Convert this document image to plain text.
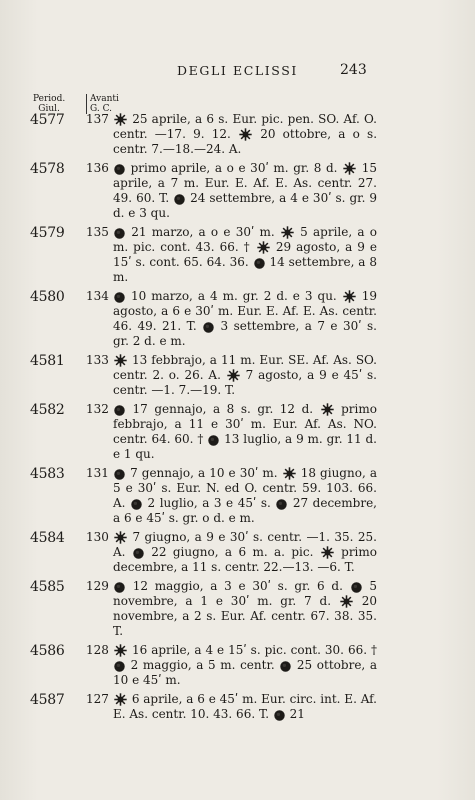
DEGLI ECLISSI	243
Period.
Giul.
Avanti
G. C.
4577 137	25 aprile, a 6 s. Eur. pic. pen. SO. Af. O. centr. —17. 9. 12.  20 ottobre, a o s. centr. 7.—18.—24. A.
4578 136	primo aprile, a o e 30ʹ m. gr. 8 d.  15 aprile, a 7 m. Eur. E. Af. E. As. centr. 27. 49. 60. T.  24 settembre, a 4 e 30ʹ s. gr. 9 d. e 3 qu.
4579 135	21 marzo, a o e 30ʹ m.  5 aprile, a o m. pic. cont. 43. 66. †  29 agosto, a 9 e 15ʹ s. cont. 65. 64. 36.  14 settembre, a 8 m.
4580 134	10 marzo, a 4 m. gr. 2 d. e 3 qu.  19 agosto, a 6 e 30ʹ m. Eur. E. Af. E. As. centr. 46. 49. 21. T.  3 settembre, a 7 e 30ʹ s. gr. 2 d. e m.
4581 133	13 febbrajo, a 11 m. Eur. SE. Af. As. SO. centr. 2. o. 26. A.  7 agosto, a 9 e 45ʹ s. centr. —1. 7.—19. T.
4582 132	17 gennajo, a 8 s. gr. 12 d.  primo febbrajo, a 11 e 30ʹ m. Eur. Af. As. NO. centr. 64. 60. †  13 luglio, a 9 m. gr. 11 d. e 1 qu.
4583 131	7 gennajo, a 10 e 30ʹ m.  18 giugno, a 5 e 30ʹ s. Eur. N. ed O. centr. 59. 103. 66. A.  2 luglio, a 3 e 45ʹ s.  27 decembre, a 6 e 45ʹ s. gr. o d. e m.
4584 130	7 giugno, a 9 e 30ʹ s. centr. —1. 35. 25. A.  22 giugno, a 6 m. a. pic.  primo decembre, a 11 s. centr. 22.—13. —6. T.
4585 129	12 maggio, a 3 e 30ʹ s. gr. 6 d.  5 novembre, a 1 e 30ʹ m. gr. 7 d.  20 novembre, a 2 s. Eur. Af. centr. 67. 38. 35. T.
4586 128	16 aprile, a 4 e 15ʹ s. pic. cont. 30. 66. †  2 maggio, a 5 m. centr.  25 ottobre, a 10 e 45ʹ m.
4587 127	6 aprile, a 6 e 45ʹ m. Eur. circ. int. E. Af. E. As. centr. 10. 43. 66. T.  21
